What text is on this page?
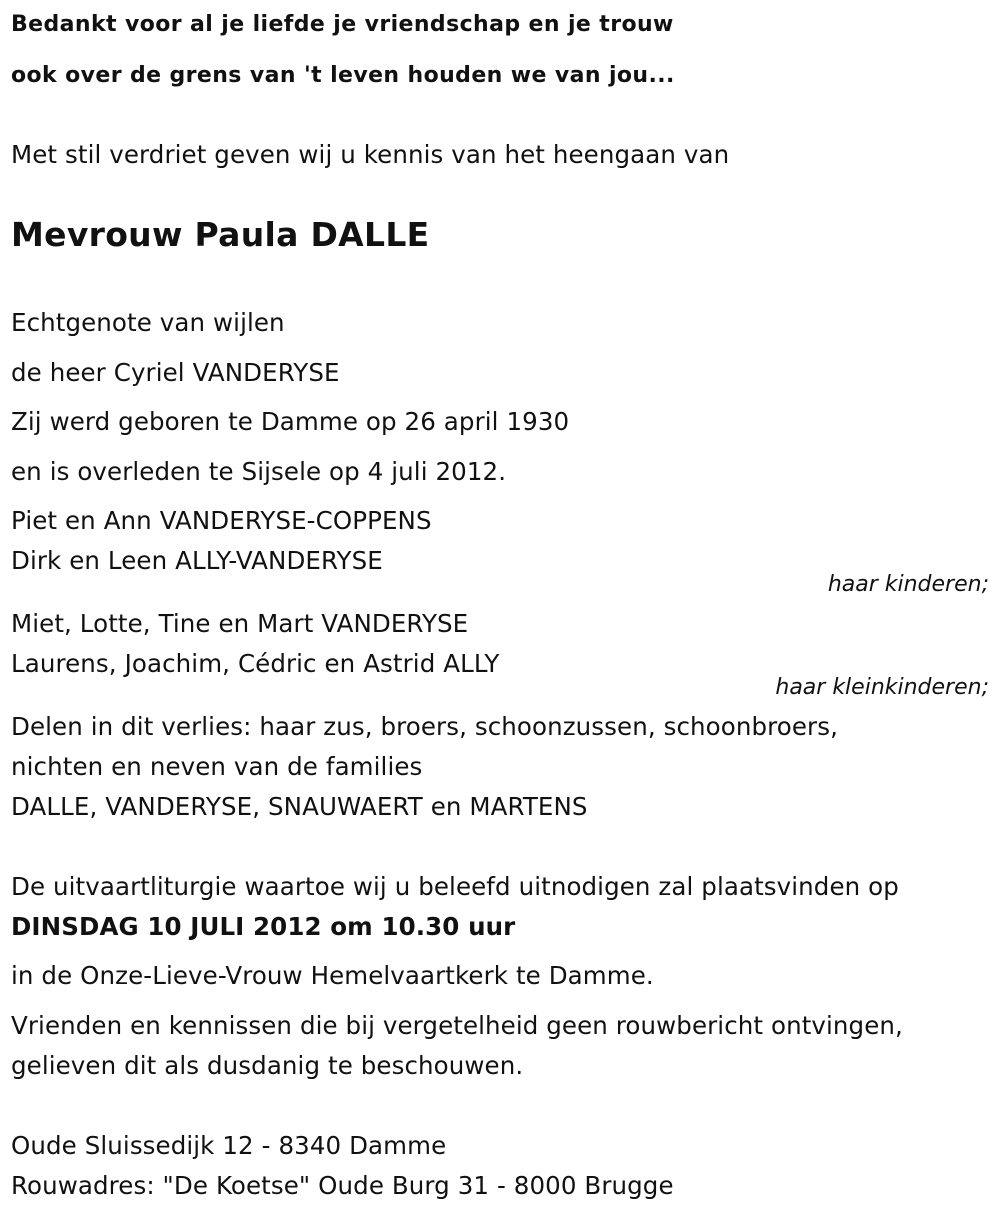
Bedankt voor al je liefde je vriendschap en je trouw
ook over de grens van 't leven houden we van jou...
Met stil verdriet geven wij u kennis van het heengaan van
Mevrouw Paula DALLE
Echtgenote van wijlen
de heer Cyriel VANDERYSE
Zij werd geboren te Damme op 26 april 1930
en is overleden te Sijsele op 4 juli 2012.
Piet en Ann VANDERYSE-COPPENS
Dirk en Leen ALLY-VANDERYSE
haar kinderen;
Miet, Lotte, Tine en Mart VANDERYSE
Laurens, Joachim, Cédric en Astrid ALLY
haar kleinkinderen;
Delen in dit verlies: haar zus, broers, schoonzussen, schoonbroers,
nichten en neven van de families
DALLE, VANDERYSE, SNAUWAERT en MARTENS
De uitvaartliturgie waartoe wij u beleefd uitnodigen zal plaatsvinden op
DINSDAG 10 JULI 2012 om 10.30 uur
in de Onze-Lieve-Vrouw Hemelvaartkerk te Damme.
Vrienden en kennissen die bij vergetelheid geen rouwbericht ontvingen,
gelieven dit als dusdanig te beschouwen.
Oude Sluissedijk 12 - 8340 Damme
Rouwadres: "De Koetse" Oude Burg 31 - 8000 Brugge
